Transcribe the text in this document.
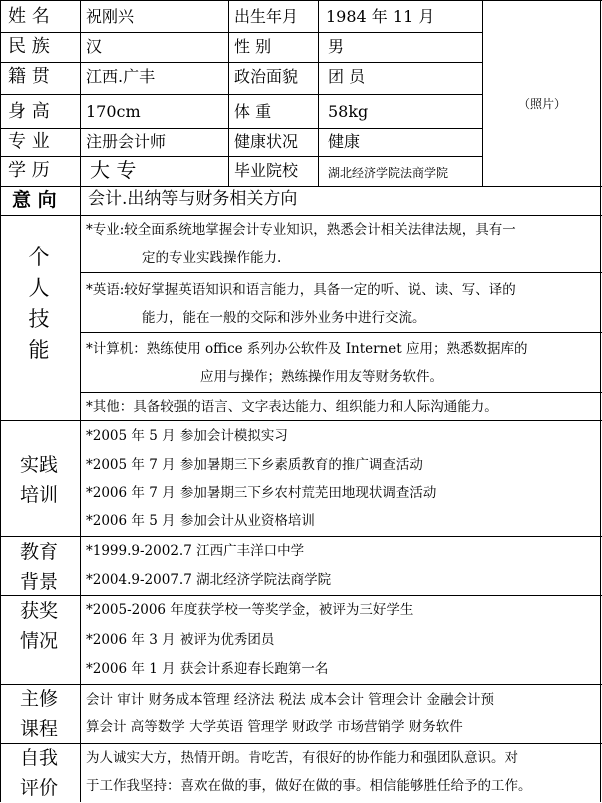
姓 名 祝刚兴	出生年月 1984 年 11 月
民 族 汉	性 别	男
籍 贯 江西.广丰	政治面貌 团 员
身 高 170cm	体 重	58kg
专 业 注册会计师	健康状况 健康
学 历 大 专	毕业院校 湖北经济学院法商学院
（照片）
意 向 会计.出纳等与财务相关方向
个人技能
*专业:较全面系统地掌握会计专业知识，熟悉会计相关法律法规，具有一
定的专业实践操作能力.
*英语:较好掌握英语知识和语言能力，具备一定的听、说、读、写、译的
能力，能在一般的交际和涉外业务中进行交流。
*计算机：熟练使用 office 系列办公软件及 Internet 应用；熟悉数据库的
应用与操作；熟练操作用友等财务软件。
*其他：具备较强的语言、文字表达能力、组织能力和人际沟通能力。
实践培训
*2005 年 5 月 参加会计模拟实习
*2005 年 7 月 参加暑期三下乡素质教育的推广调查活动
*2006 年 7 月 参加暑期三下乡农村荒芜田地现状调查活动
*2006 年 5 月 参加会计从业资格培训
教育背景
*1999.9-2002.7 江西广丰洋口中学
*2004.9-2007.7 湖北经济学院法商学院
获奖情况
*2005-2006 年度获学校一等奖学金，被评为三好学生
*2006 年 3 月 被评为优秀团员
*2006 年 1 月 获会计系迎春长跑第一名
主修课程
会计 审计 财务成本管理 经济法 税法 成本会计 管理会计 金融会计预
算会计 高等数学 大学英语 管理学 财政学 市场营销学 财务软件
自我评价
为人诚实大方，热情开朗。肯吃苦，有很好的协作能力和强团队意识。对
于工作我坚持：喜欢在做的事，做好在做的事。相信能够胜任给予的工作。
